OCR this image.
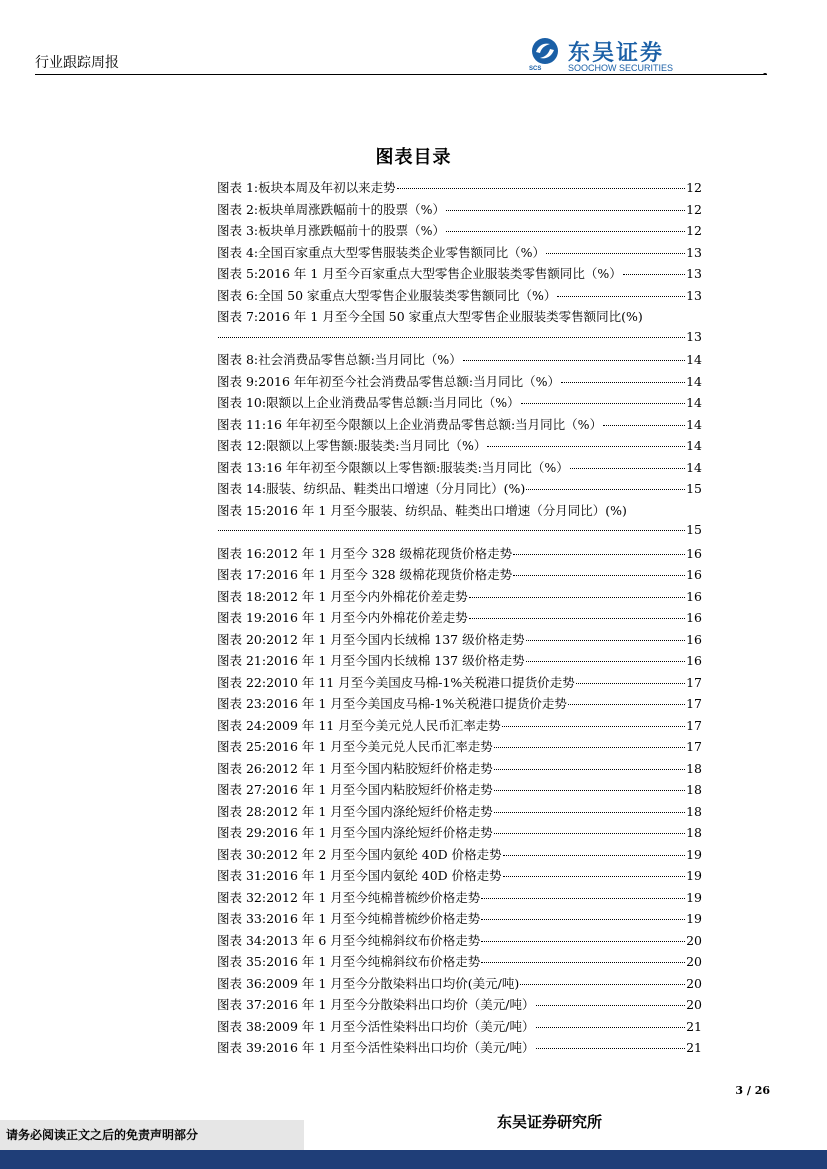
行业跟踪周报
-
SCS
东吴证券
SOOCHOW SECURITIES
图表目录
图表 1: 板块本周及年初以来走势	12
图表 2: 板块单周涨跌幅前十的股票（%）	12
图表 3: 板块单月涨跌幅前十的股票（%）	12
图表 4: 全国百家重点大型零售服装类企业零售额同比（%）	13
图表 5: 2016 年 1 月至今百家重点大型零售企业服装类零售额同比（%）	13
图表 6: 全国 50 家重点大型零售企业服装类零售额同比（%）	13
图表 7: 2016 年 1 月至今全国 50 家重点大型零售企业服装类零售额同比(%)
13
图表 8: 社会消费品零售总额:当月同比（%）	14
图表 9: 2016 年年初至今社会消费品零售总额:当月同比（%）	14
图表 10: 限额以上企业消费品零售总额:当月同比（%）	14
图表 11: 16 年年初至今限额以上企业消费品零售总额:当月同比（%）	14
图表 12: 限额以上零售额:服装类:当月同比（%）	14
图表 13: 16 年年初至今限额以上零售额:服装类:当月同比（%）	14
图表 14: 服装、纺织品、鞋类出口增速（分月同比）(%)	15
图表 15: 2016 年 1 月至今服装、纺织品、鞋类出口增速（分月同比）(%)
15
图表 16: 2012 年 1 月至今 328 级棉花现货价格走势	16
图表 17: 2016 年 1 月至今 328 级棉花现货价格走势	16
图表 18: 2012 年 1 月至今内外棉花价差走势	16
图表 19: 2016 年 1 月至今内外棉花价差走势	16
图表 20: 2012 年 1 月至今国内长绒棉 137 级价格走势	16
图表 21: 2016 年 1 月至今国内长绒棉 137 级价格走势	16
图表 22: 2010 年 11 月至今美国皮马棉-1%关税港口提货价走势	17
图表 23: 2016 年 1 月至今美国皮马棉-1%关税港口提货价走势	17
图表 24: 2009 年 11 月至今美元兑人民币汇率走势	17
图表 25: 2016 年 1 月至今美元兑人民币汇率走势	17
图表 26: 2012 年 1 月至今国内粘胶短纤价格走势	18
图表 27: 2016 年 1 月至今国内粘胶短纤价格走势	18
图表 28: 2012 年 1 月至今国内涤纶短纤价格走势	18
图表 29: 2016 年 1 月至今国内涤纶短纤价格走势	18
图表 30: 2012 年 2 月至今国内氨纶 40D 价格走势	19
图表 31: 2016 年 1 月至今国内氨纶 40D 价格走势	19
图表 32: 2012 年 1 月至今纯棉普梳纱价格走势	19
图表 33: 2016 年 1 月至今纯棉普梳纱价格走势	19
图表 34: 2013 年 6 月至今纯棉斜纹布价格走势	20
图表 35: 2016 年 1 月至今纯棉斜纹布价格走势	20
图表 36: 2009 年 1 月至今分散染料出口均价(美元/吨)	20
图表 37: 2016 年 1 月至今分散染料出口均价（美元/吨）	20
图表 38: 2009 年 1 月至今活性染料出口均价（美元/吨）	21
图表 39: 2016 年 1 月至今活性染料出口均价（美元/吨）	21
3 / 26
东吴证券研究所
请务必阅读正文之后的免责声明部分
